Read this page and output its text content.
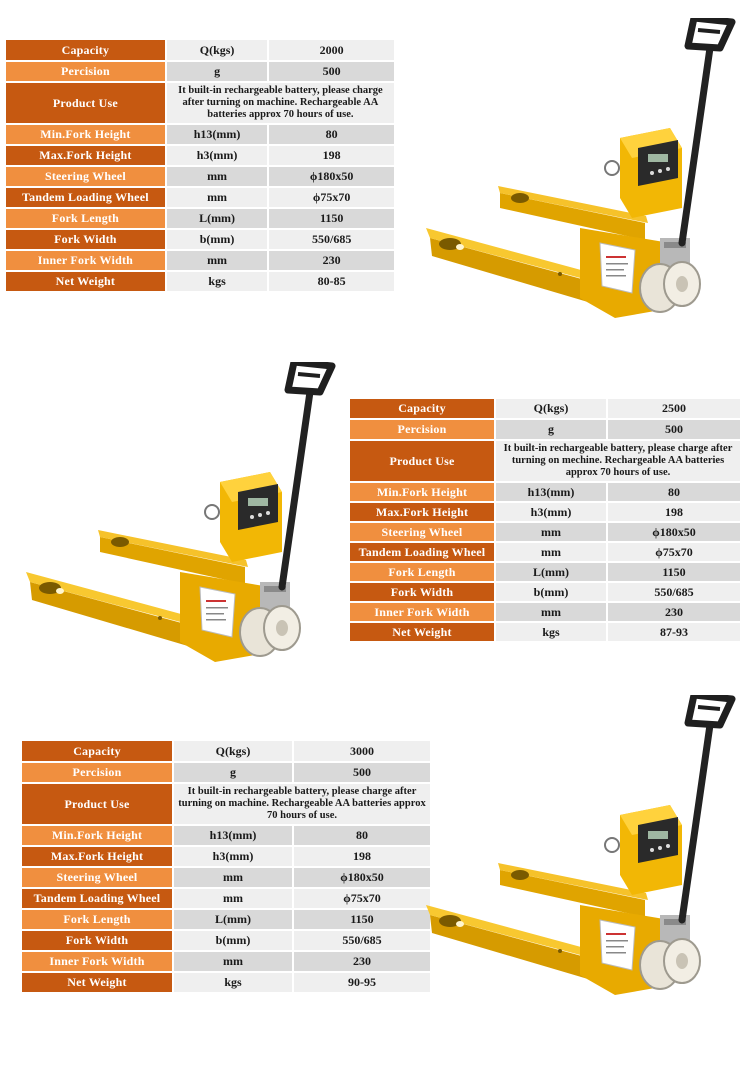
Capacity	Q(kgs)	2000
Percision	g	500
Product Use	It built-in rechargeable battery, please charge after turning on machine. Rechargeable AA batteries approx 70 hours of use.	
Min.Fork Height	h13(mm)	80
Max.Fork Height	h3(mm)	198
Steering Wheel	mm	ϕ180x50
Tandem Loading Wheel	mm	ϕ75x70
Fork Length	L(mm)	1150
Fork Width	b(mm)	550/685
Inner Fork Width	mm	230
Net Weight	kgs	80-85
Capacity	Q(kgs)	2500
Percision	g	500
Product Use	It built-in rechargeable battery, please charge after turning on mechine. Rechargeable AA batteries approx 70 hours of use.	
Min.Fork Height	h13(mm)	80
Max.Fork Height	h3(mm)	198
Steering Wheel	mm	ϕ180x50
Tandem Loading Wheel	mm	ϕ75x70
Fork Length	L(mm)	1150
Fork Width	b(mm)	550/685
Inner Fork Width	mm	230
Net Weight	kgs	87-93
Capacity	Q(kgs)	3000
Percision	g	500
Product Use	It built-in rechargeable battery, please charge after turning on machine. Rechargeable AA batteries approx 70 hours of use.	
Min.Fork Height	h13(mm)	80
Max.Fork Height	h3(mm)	198
Steering Wheel	mm	ϕ180x50
Tandem Loading Wheel	mm	ϕ75x70
Fork Length	L(mm)	1150
Fork Width	b(mm)	550/685
Inner Fork Width	mm	230
Net Weight	kgs	90-95
